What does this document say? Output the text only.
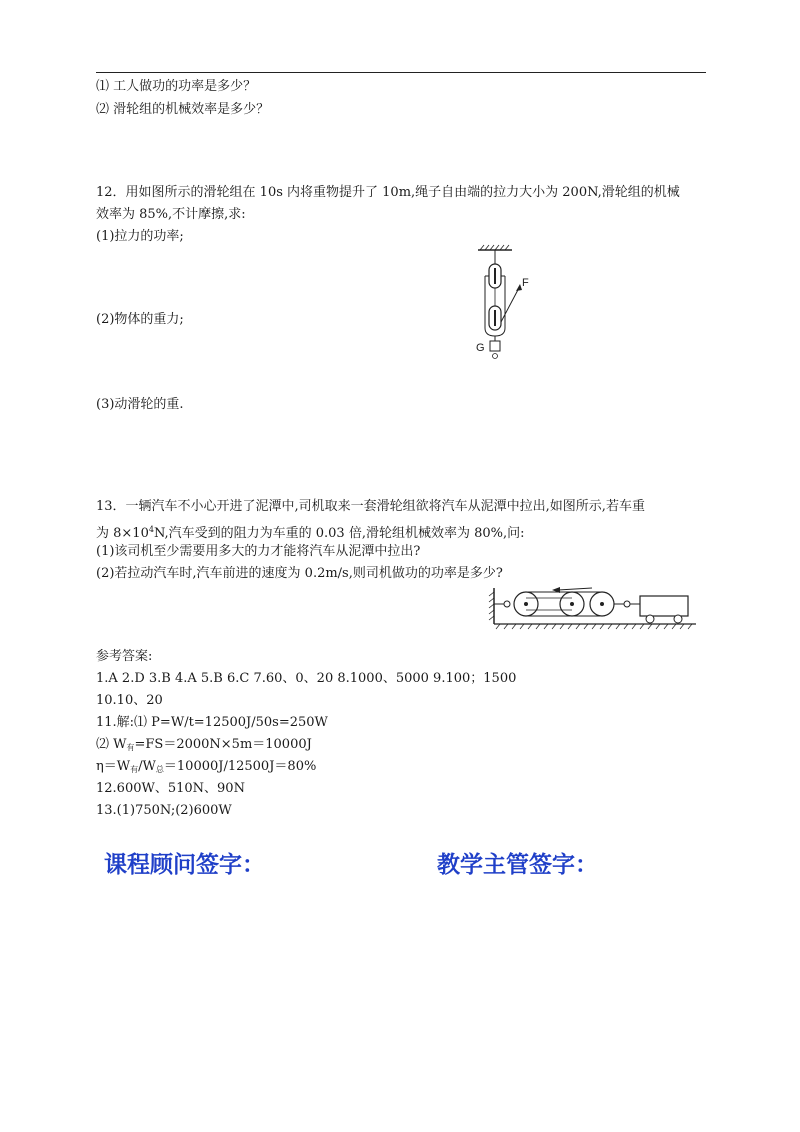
⑴ 工人做功的功率是多少？
⑵ 滑轮组的机械效率是多少？
12．用如图所示的滑轮组在 10s 内将重物提升了 10m,绳子自由端的拉力大小为 200N,滑轮组的机械
效率为 85%,不计摩擦,求:
(1)拉力的功率;
(2)物体的重力;
(3)动滑轮的重.
F
G
13．一辆汽车不小心开进了泥潭中,司机取来一套滑轮组欲将汽车从泥潭中拉出,如图所示,若车重
为 $8\times 10^4N$,汽车受到的阻力为车重的 0.03 倍,滑轮组机械效率为 80%,问:
(1)该司机至少需要用多大的力才能将汽车从泥潭中拉出?
(2)若拉动汽车时,汽车前进的速度为 0.2m/s,则司机做功的功率是多少?
参考答案:
1.A 2.D 3.B 4.A 5.B 6.C 7.60、0、20 8.1000、5000 9.100；1500
10.10、20
11.解:⑴ P=W/t=12500J/50s=250W
⑵ $W_有=FS=2000N\times 5m=10000J$
$\eta=W_有/W_总=10000J/12500J=80\%$
12.600W、510N、90N
13.(1)750N;(2)600W
课程顾问签字：	教学主管签字：
